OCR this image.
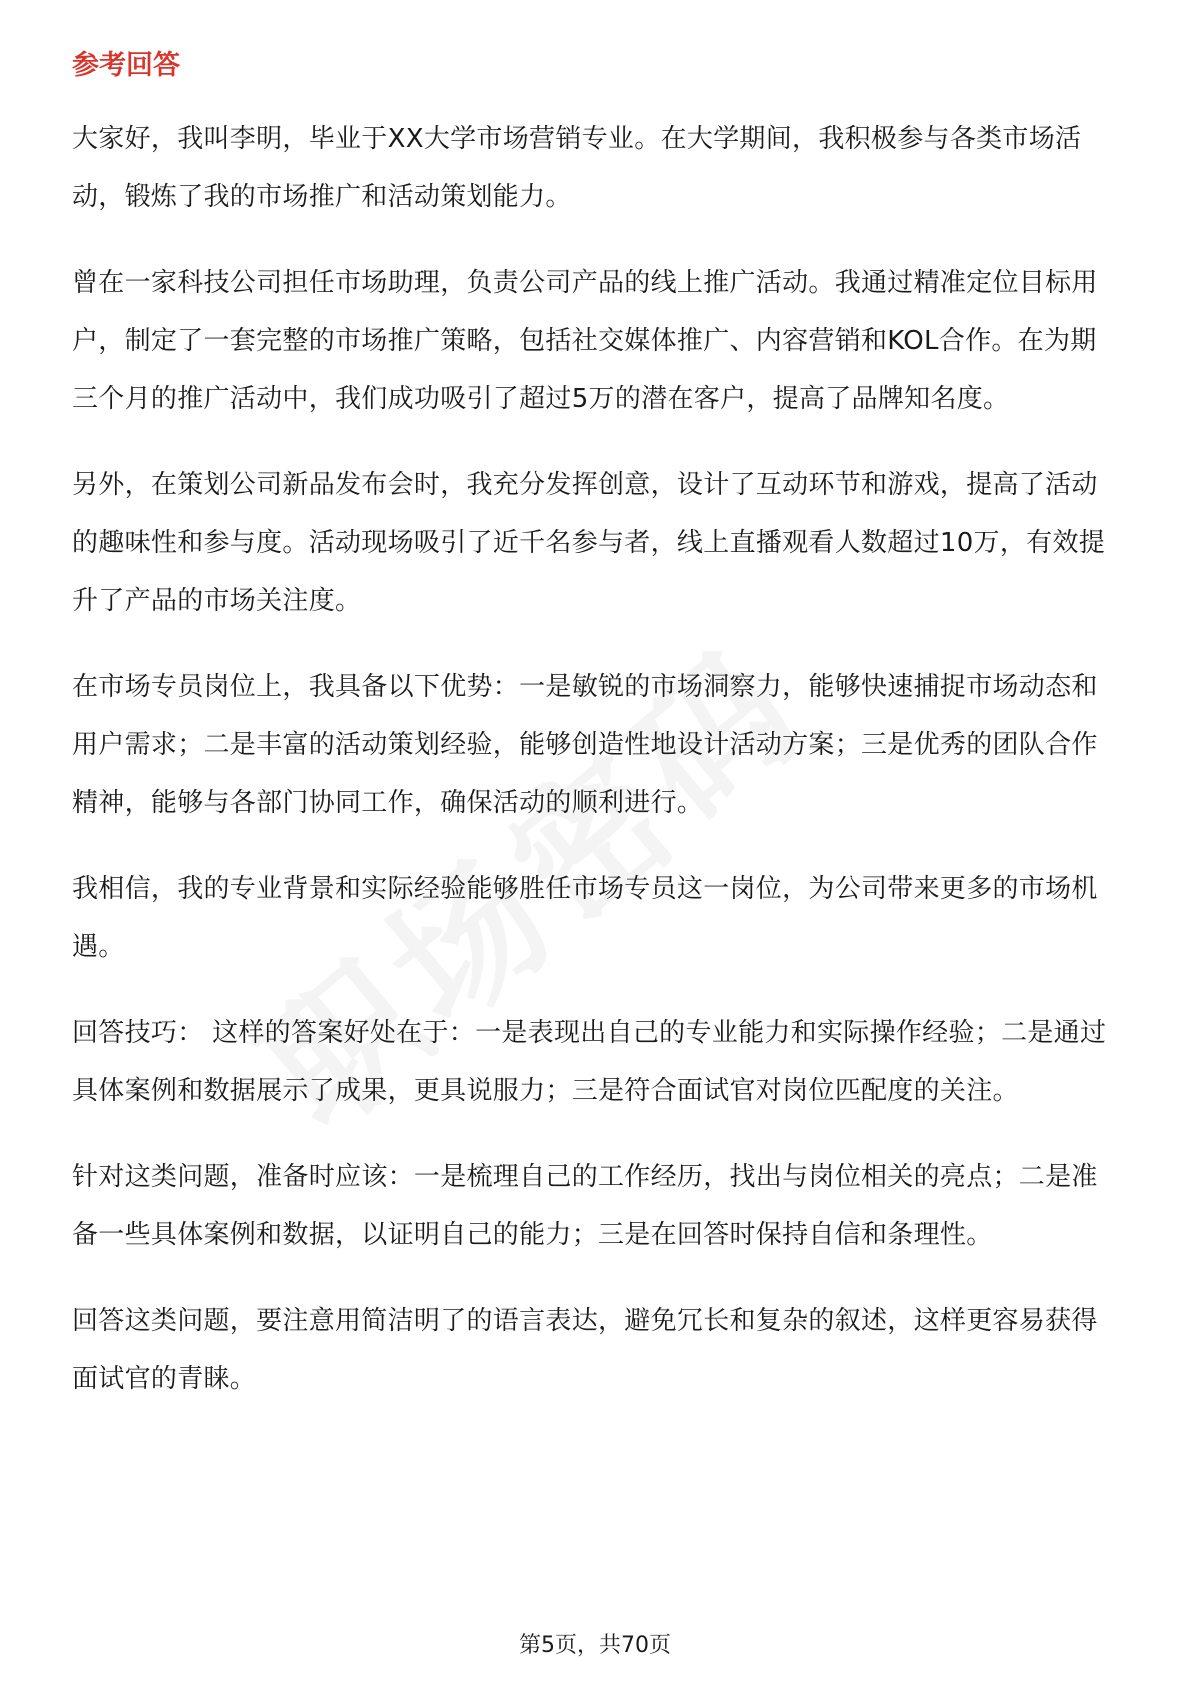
参考回答

大家好，我叫李明，毕业于XX大学市场营销专业。在大学期间，我积极参与各类市场活动，锻炼了我的市场推广和活动策划能力。

曾在一家科技公司担任市场助理，负责公司产品的线上推广活动。我通过精准定位目标用户，制定了一套完整的市场推广策略，包括社交媒体推广、内容营销和KOL合作。在为期三个月的推广活动中，我们成功吸引了超过5万的潜在客户，提高了品牌知名度。

另外，在策划公司新品发布会时，我充分发挥创意，设计了互动环节和游戏，提高了活动的趣味性和参与度。活动现场吸引了近千名参与者，线上直播观看人数超过10万，有效提升了产品的市场关注度。

在市场专员岗位上，我具备以下优势：一是敏锐的市场洞察力，能够快速捕捉市场动态和用户需求；二是丰富的活动策划经验，能够创造性地设计活动方案；三是优秀的团队合作精神，能够与各部门协同工作，确保活动的顺利进行。

我相信，我的专业背景和实际经验能够胜任市场专员这一岗位，为公司带来更多的市场机遇。

回答技巧： 这样的答案好处在于：一是表现出自己的专业能力和实际操作经验；二是通过具体案例和数据展示了成果，更具说服力；三是符合面试官对岗位匹配度的关注。

针对这类问题，准备时应该：一是梳理自己的工作经历，找出与岗位相关的亮点；二是准备一些具体案例和数据，以证明自己的能力；三是在回答时保持自信和条理性。

回答这类问题，要注意用简洁明了的语言表达，避免冗长和复杂的叙述，这样更容易获得面试官的青睐。

第5页，共70页
